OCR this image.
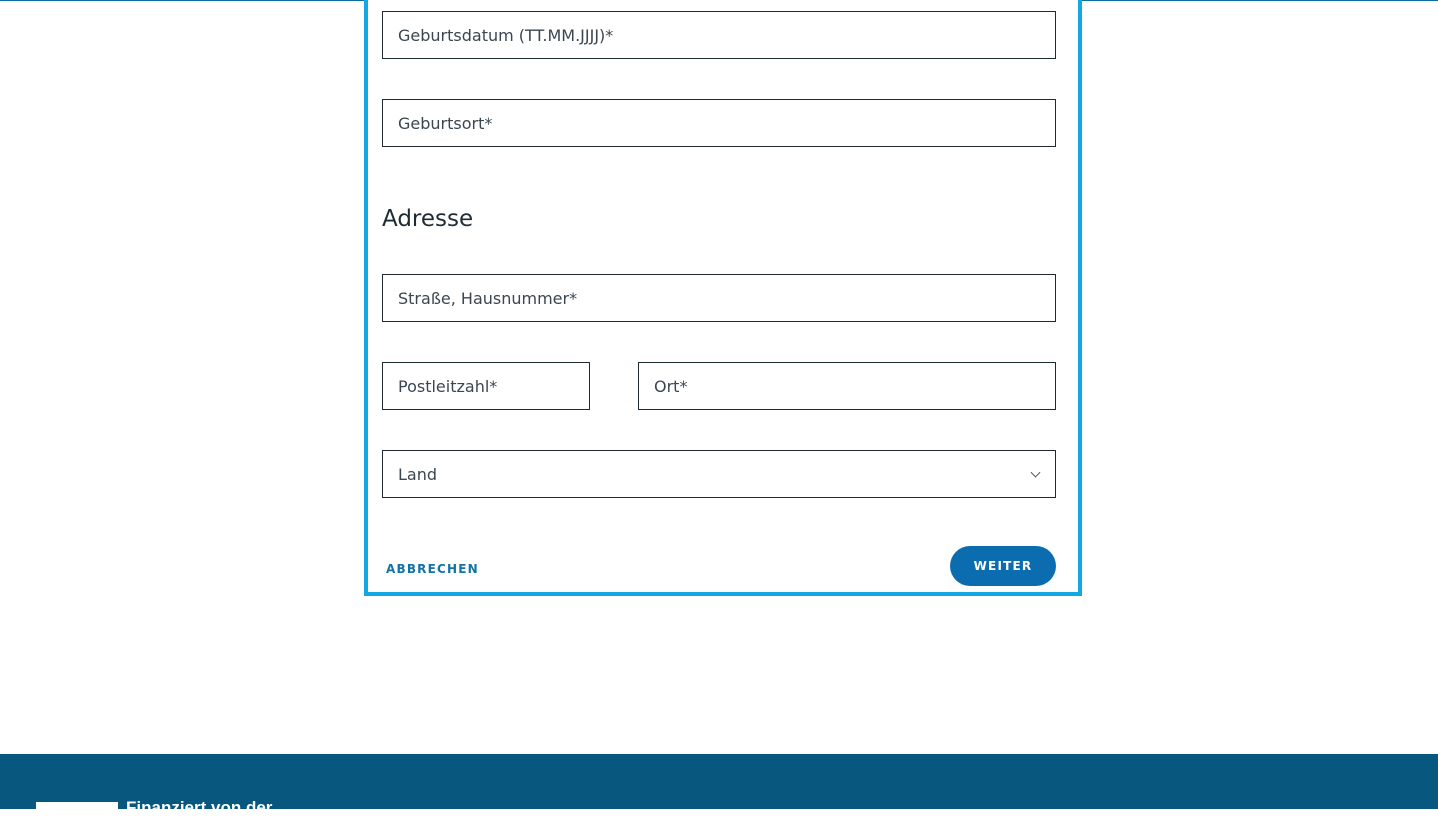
Geburtsdatum (TT.MM.JJJJ)*
Geburtsort*
Adresse
Straße, Hausnummer*
Postleitzahl*
Ort*
Land
ABBRECHEN	WEITER
Finanziert von der
